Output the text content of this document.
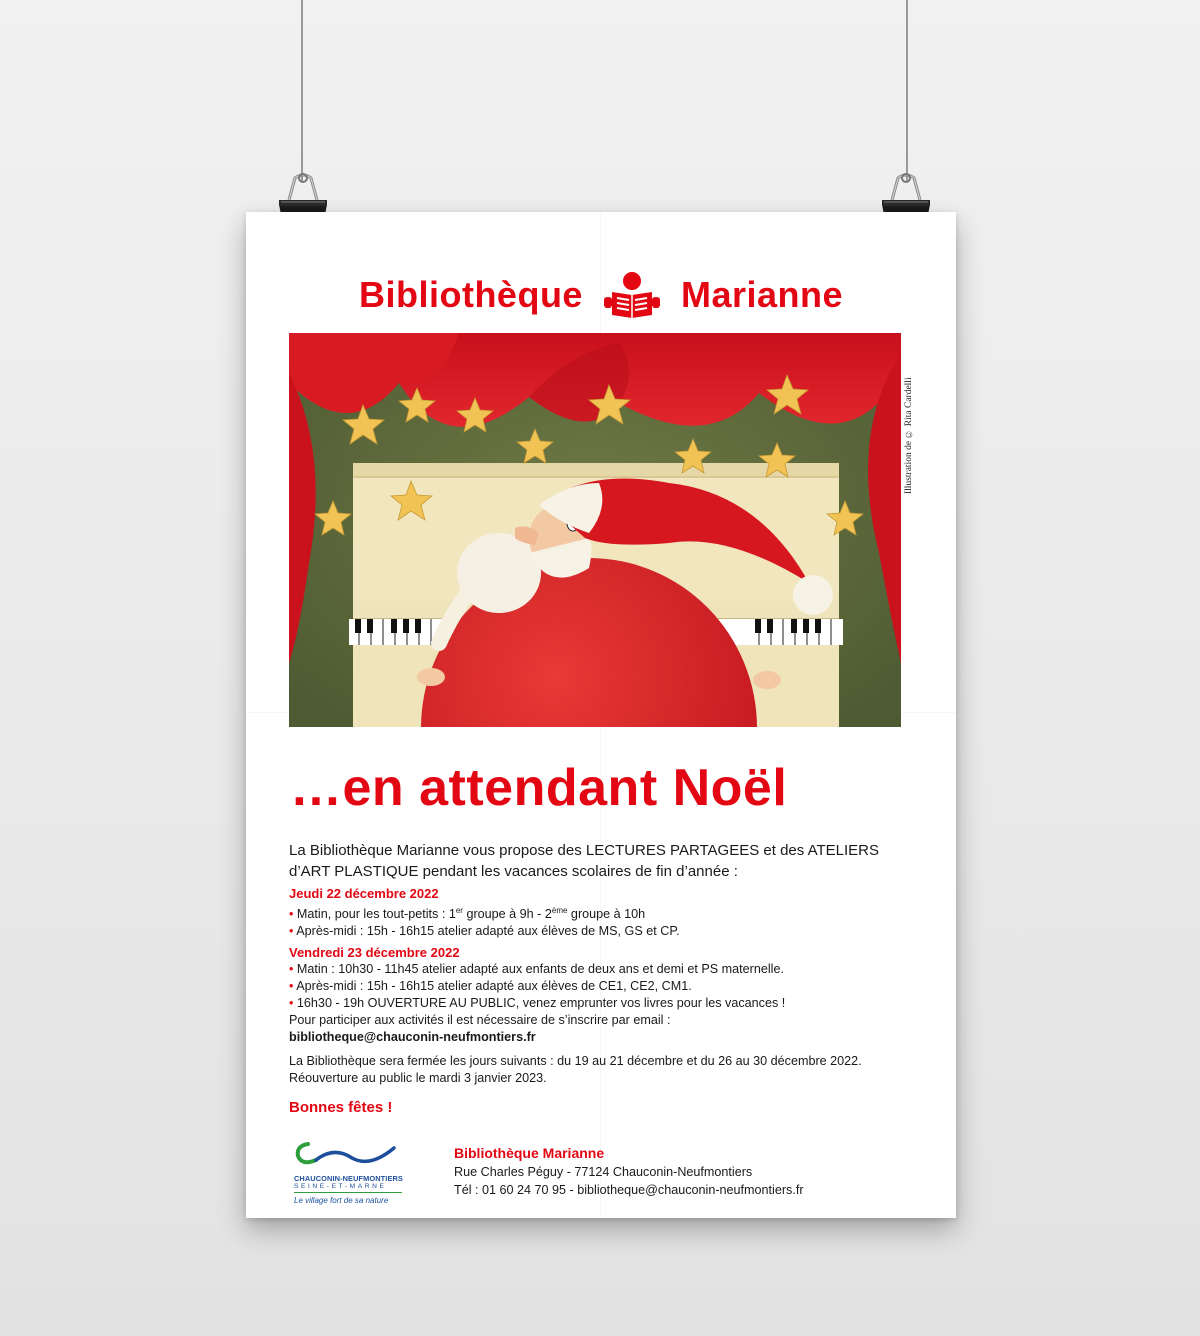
Bibliothèque	Marianne
Illustration de © Rita Cardelli
…en attendant Noël
La Bibliothèque Marianne vous propose des LECTURES PARTAGEES et des ATELIERS d’ART PLASTIQUE pendant les vacances scolaires de fin d’année :
Jeudi 22 décembre 2022
• Matin, pour les tout-petits : 1er groupe à 9h - 2ème groupe à 10h
• Après-midi : 15h - 16h15 atelier adapté aux élèves de MS, GS et CP.
Vendredi 23 décembre 2022
• Matin : 10h30 - 11h45 atelier adapté aux enfants de deux ans et demi et PS maternelle.
• Après-midi : 15h - 16h15 atelier adapté aux élèves de CE1, CE2, CM1.
• 16h30 - 19h OUVERTURE AU PUBLIC, venez emprunter vos livres pour les vacances !
Pour participer aux activités il est nécessaire de s’inscrire par email :
bibliotheque@chauconin-neufmontiers.fr
La Bibliothèque sera fermée les jours suivants : du 19 au 21 décembre et du 26 au 30 décembre 2022.
Réouverture au public le mardi 3 janvier 2023.
Bonnes fêtes !
CHAUCONIN-NEUFMONTIERS
SEINE-ET-MARNE
Le village fort de sa nature
Bibliothèque Marianne
Rue Charles Péguy - 77124 Chauconin-Neufmontiers
Tél : 01 60 24 70 95 - bibliotheque@chauconin-neufmontiers.fr
